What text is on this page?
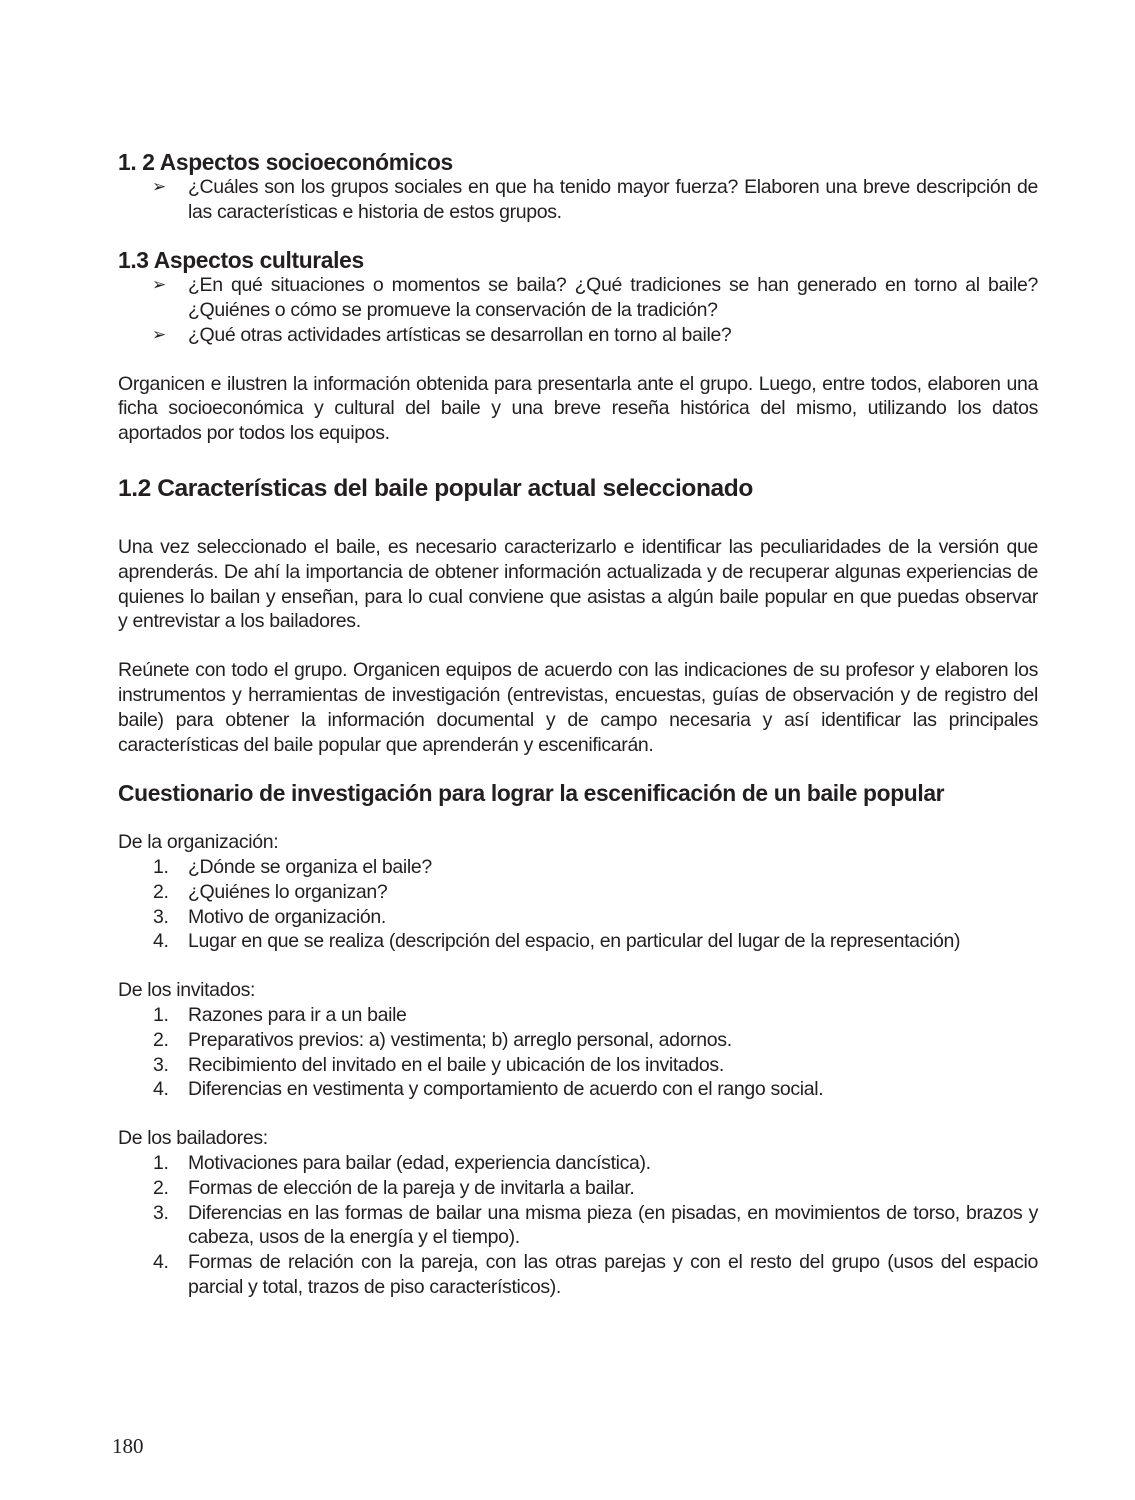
1. 2 Aspectos socioeconómicos
➢ ¿Cuáles son los grupos sociales en que ha tenido mayor fuerza? Elaboren una breve descripción de las características e historia de estos grupos.
1.3 Aspectos culturales
➢ ¿En qué situaciones o momentos se baila? ¿Qué tradiciones se han generado en torno al baile? ¿Quiénes o cómo se promueve la conservación de la tradición?
➢ ¿Qué otras actividades artísticas se desarrollan en torno al baile?

Organicen e ilustren la información obtenida para presentarla ante el grupo. Luego, entre todos, elaboren una ficha socioeconómica y cultural del baile y una breve reseña histórica del mismo, utilizando los datos aportados por todos los equipos.

1.2 Características del baile popular actual seleccionado

Una vez seleccionado el baile, es necesario caracterizarlo e identificar las peculiaridades de la versión que aprenderás. De ahí la importancia de obtener información actualizada y de recuperar algunas experiencias de quienes lo bailan y enseñan, para lo cual conviene que asistas a algún baile popular en que puedas observar y entrevistar a los bailadores.

Reúnete con todo el grupo. Organicen equipos de acuerdo con las indicaciones de su profesor y elaboren los instrumentos y herramientas de investigación (entrevistas, encuestas, guías de observación y de registro del baile) para obtener la información documental y de campo necesaria y así identificar las principales características del baile popular que aprenderán y escenificarán.

Cuestionario de investigación para lograr la escenificación de un baile popular

De la organización:

1. ¿Dónde se organiza el baile?
2. ¿Quiénes lo organizan?
3. Motivo de organización.
4. Lugar en que se realiza (descripción del espacio, en particular del lugar de la representación)

De los invitados:

1. Razones para ir a un baile
2. Preparativos previos: a) vestimenta; b) arreglo personal, adornos.
3. Recibimiento del invitado en el baile y ubicación de los invitados.
4. Diferencias en vestimenta y comportamiento de acuerdo con el rango social.

De los bailadores:

1. Motivaciones para bailar (edad, experiencia dancística).
2. Formas de elección de la pareja y de invitarla a bailar.
3. Diferencias en las formas de bailar una misma pieza (en pisadas, en movimientos de torso, brazos y cabeza, usos de la energía y el tiempo).
4. Formas de relación con la pareja, con las otras parejas y con el resto del grupo (usos del espacio parcial y total, trazos de piso característicos).
180
